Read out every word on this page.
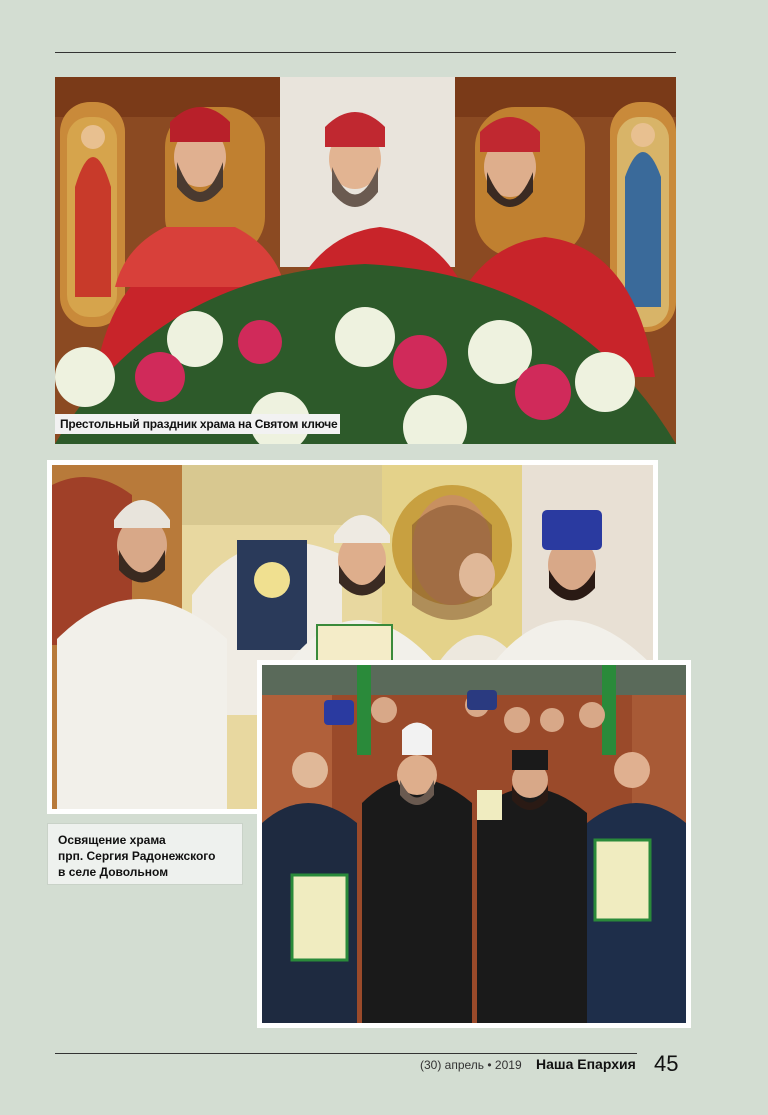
Престольный праздник храма на Святом ключе
Освящение храма
прп. Сергия Радонежского
в селе Довольном
(30) апрель • 2019 Наша Епархия 45
